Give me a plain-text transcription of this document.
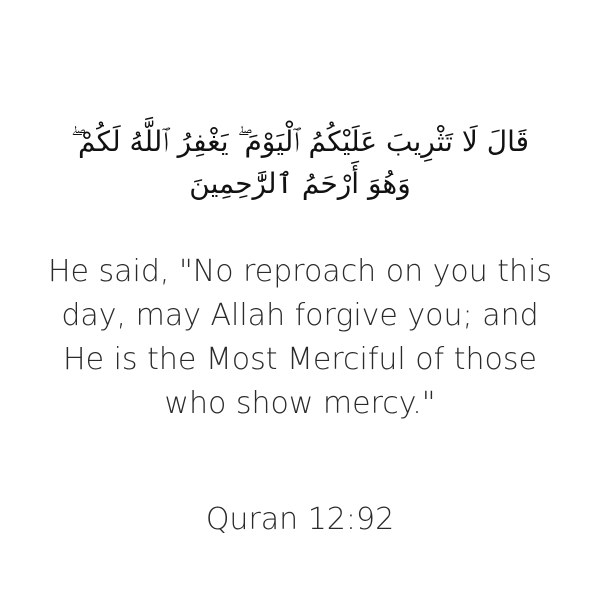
قَالَ لَا تَثْرِيبَ عَلَيْكُمُ ٱلْيَوْمَ ۖ يَغْفِرُ ٱللَّهُ لَكُمْ ۖ

وَهُوَ أَرْحَمُ ٱلرَّٰحِمِينَ

He said, "No reproach on you this

day, may Allah forgive you; and

He is the Most Merciful of those

who show mercy."

Quran 12:92
